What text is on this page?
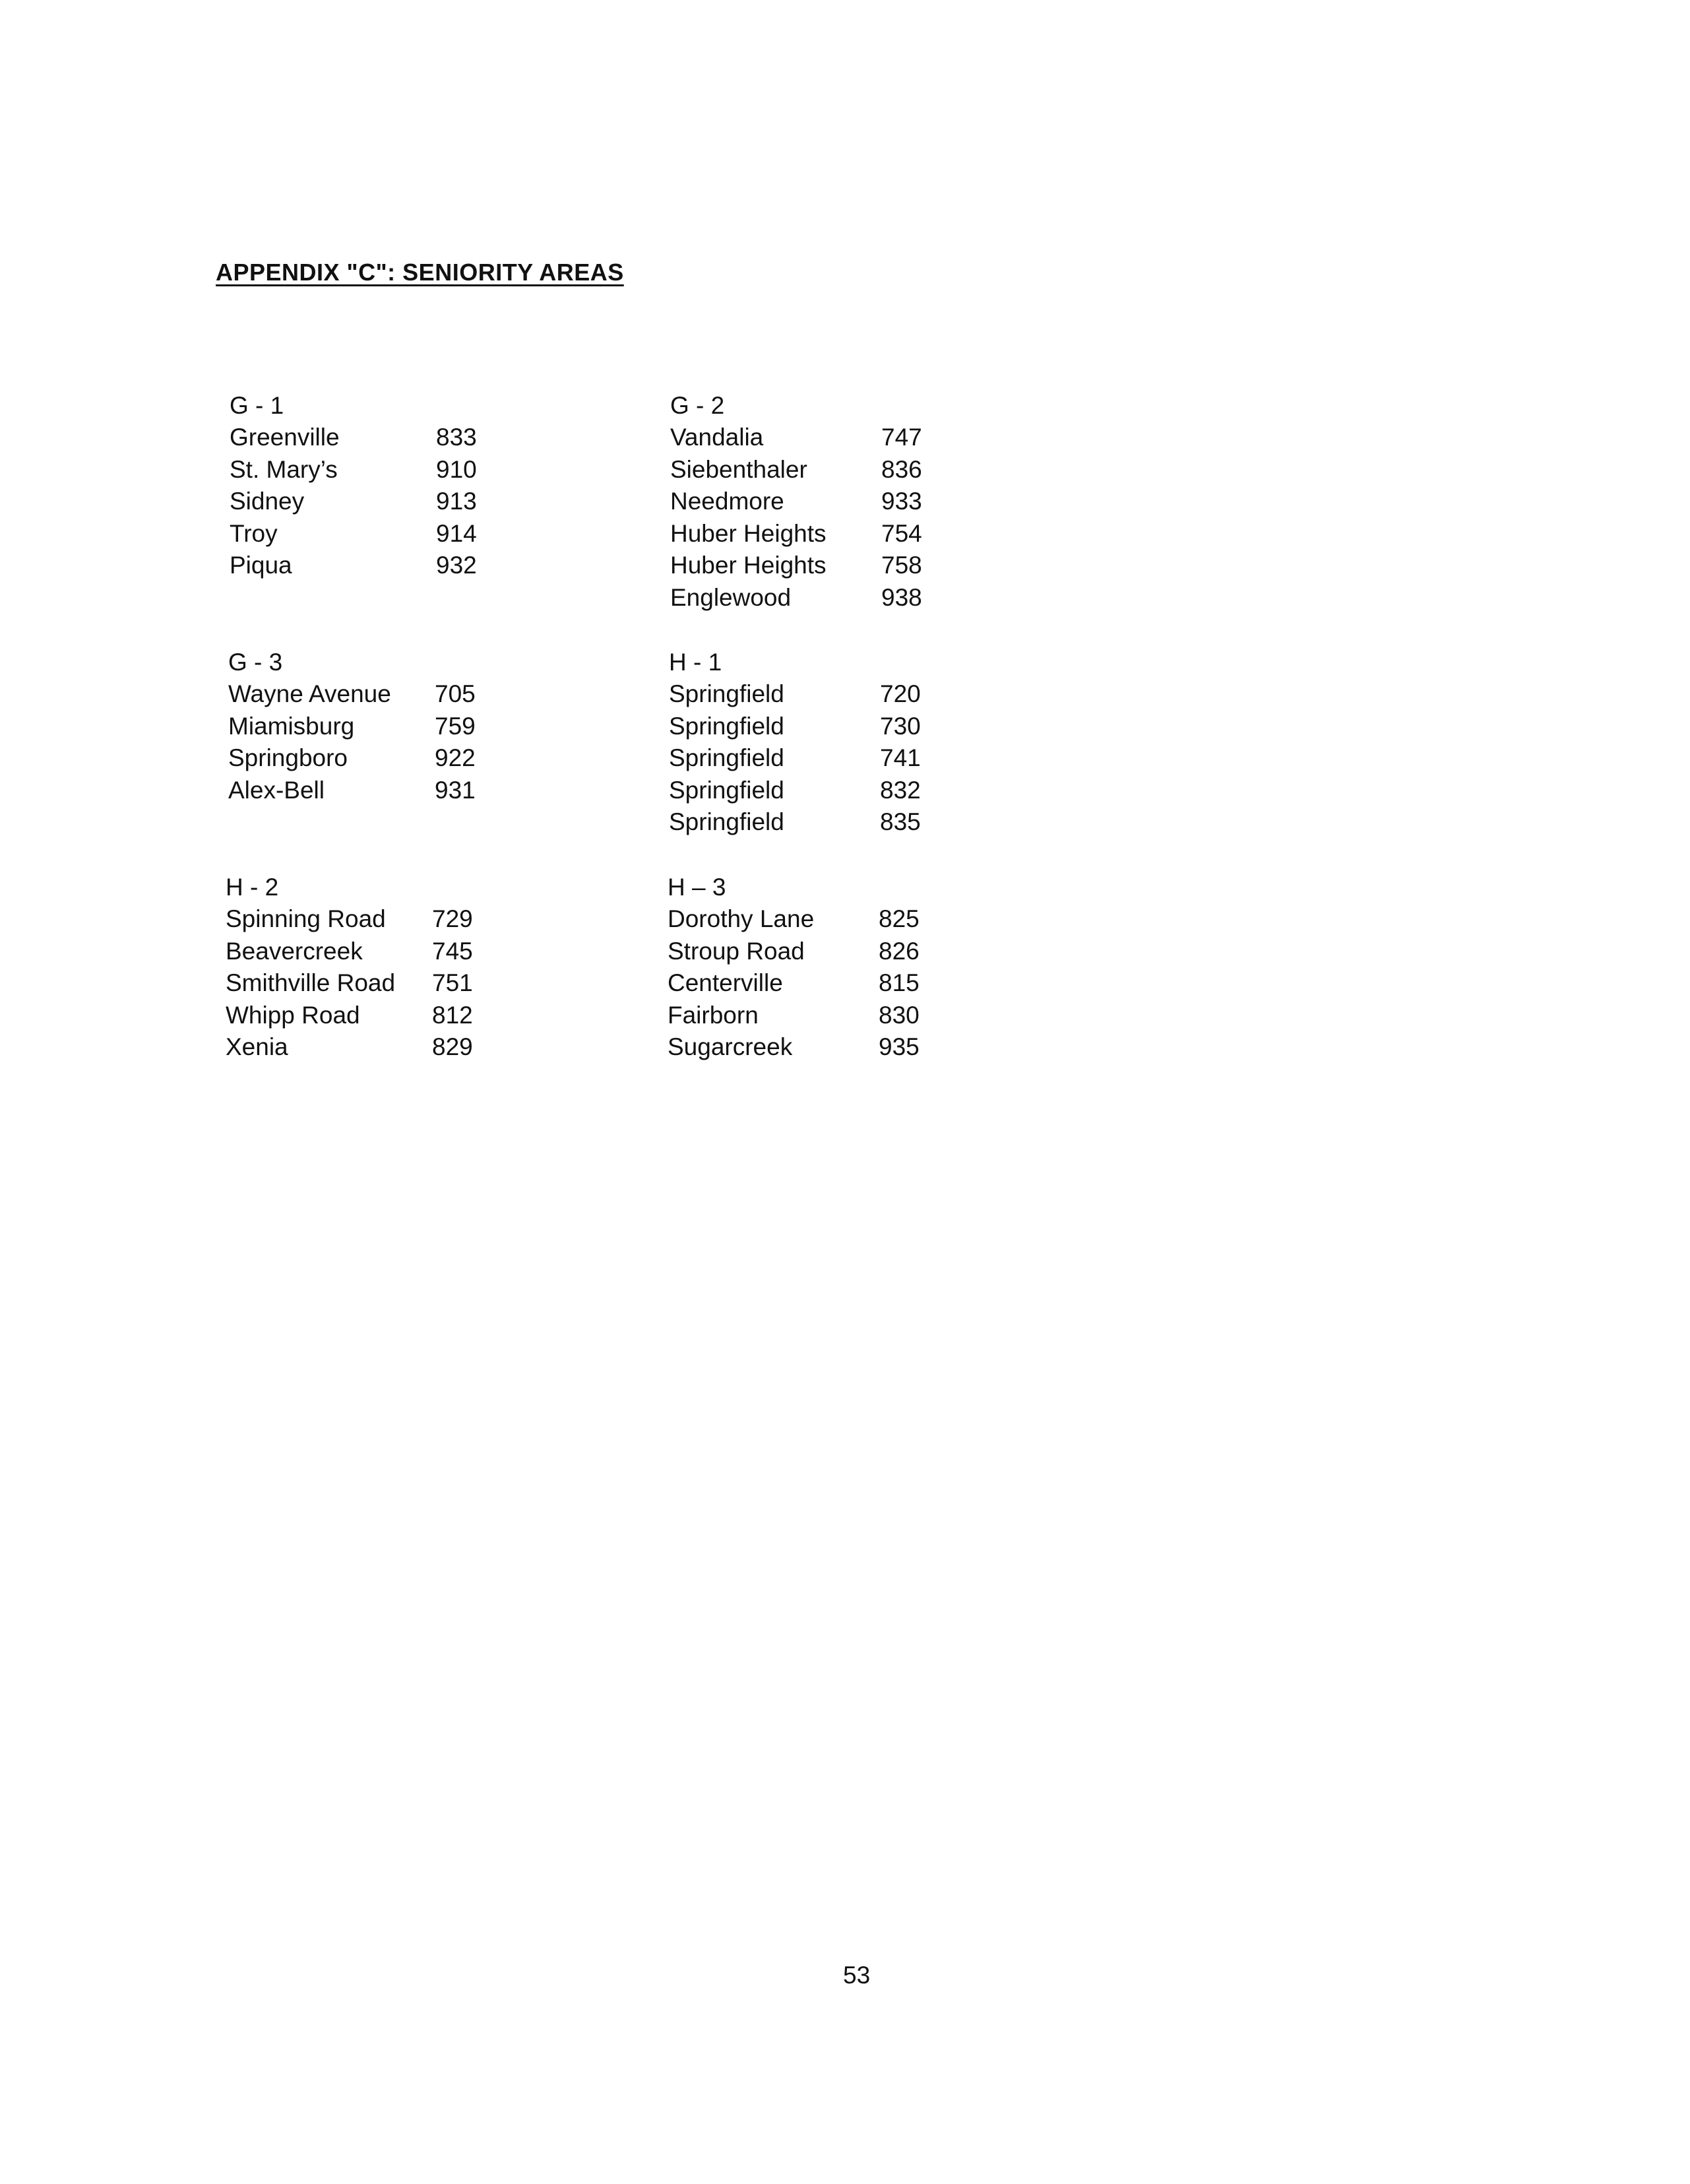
APPENDIX "C": SENIORITY AREAS
G - 1
Greenville	833
St. Mary’s	910
Sidney	913
Troy	914
Piqua	932
G - 2
Vandalia	747
Siebenthaler	836
Needmore	933
Huber Heights 754
Huber Heights 758
Englewood	938
G - 3
Wayne Avenue 705
Miamisburg	759
Springboro	922
Alex-Bell	931
H - 1
Springfield	720
Springfield	730
Springfield	741
Springfield	832
Springfield	835
H - 2
Spinning Road 729
Beavercreek	745
Smithville Road 751
Whipp Road	812
Xenia	829
H – 3
Dorothy Lane	825
Stroup Road	826
Centerville	815
Fairborn	830
Sugarcreek	935
53
